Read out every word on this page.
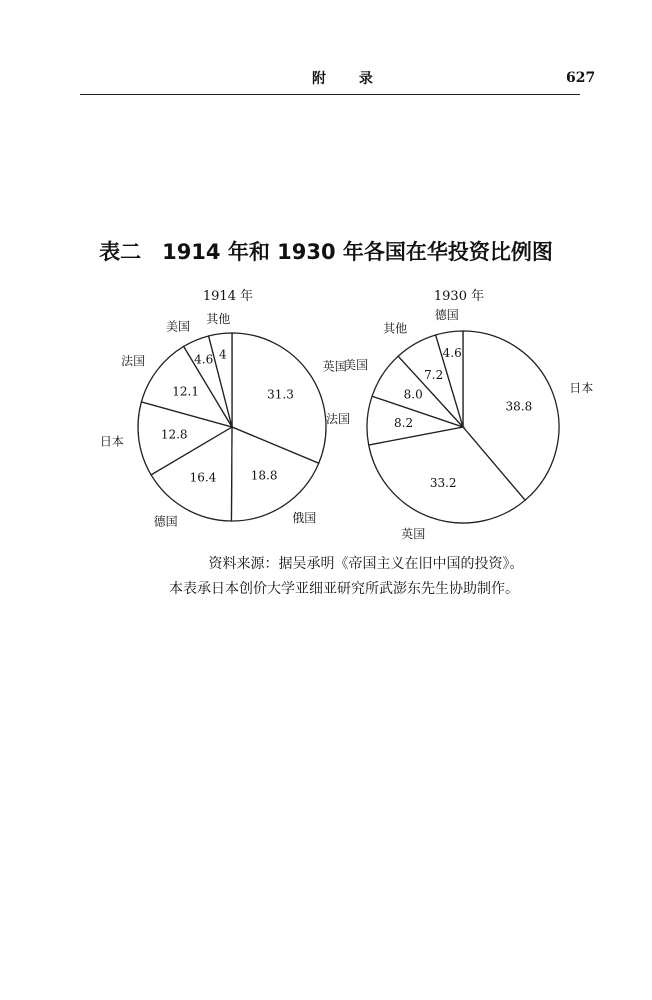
附 录	627
表二　1914 年和 1930 年各国在华投资比例图
1914 年
31.3
英国
18.8
俄国
16.4
德国
12.8
日本
12.1
法国	4.6
美国
4
其他
1930 年
38.8
日本
33.2
英国
8.2
法国
8.0
美国
7.2
其他
4.6
德国
资料来源：据吴承明《帝国主义在旧中国的投资》。
本表承日本创价大学亚细亚研究所武澎东先生协助制作。
